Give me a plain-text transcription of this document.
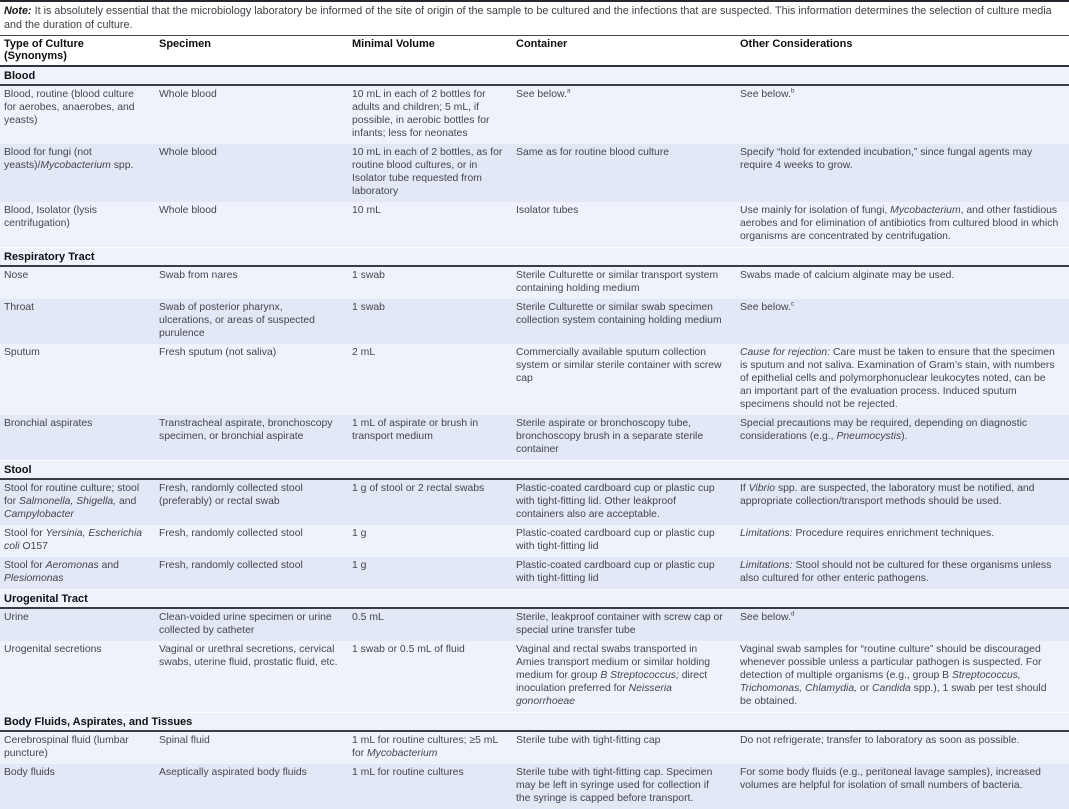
Note: It is absolutely essential that the microbiology laboratory be informed of the site of origin of the sample to be cultured and the infections that are suspected. This information determines the selection of culture media and the duration of culture.
Type of Culture (Synonyms)	Specimen	Minimal Volume	Container	Other Considerations
Blood				
Blood, routine (blood culture for aerobes, anaerobes, and yeasts)	Whole blood	10 mL in each of 2 bottles for adults and children; 5 mL, if possible, in aerobic bottles for infants; less for neonates	See below.$^a$	See below.$^b$
Blood for fungi (not yeasts)/Mycobacterium spp.	Whole blood	10 mL in each of 2 bottles, as for routine blood cultures, or in Isolator tube requested from laboratory	Same as for routine blood culture	Specify “hold for extended incubation,” since fungal agents may require 4 weeks to grow.
Blood, Isolator (lysis centrifugation)	Whole blood	10 mL	Isolator tubes	Use mainly for isolation of fungi, Mycobacterium, and other fastidious aerobes and for elimination of antibiotics from cultured blood in which organisms are concentrated by centrifugation.
Respiratory Tract				
Nose	Swab from nares	1 swab	Sterile Culturette or similar transport system containing holding medium	Swabs made of calcium alginate may be used.
Throat	Swab of posterior pharynx, ulcerations, or areas of suspected purulence	1 swab	Sterile Culturette or similar swab specimen collection system containing holding medium	See below.$^c$
Sputum	Fresh sputum (not saliva)	2 mL	Commercially available sputum collection system or similar sterile container with screw cap	Cause for rejection: Care must be taken to ensure that the specimen is sputum and not saliva. Examination of Gram’s stain, with numbers of epithelial cells and polymorphonuclear leukocytes noted, can be an important part of the evaluation process. Induced sputum specimens should not be rejected.
Bronchial aspirates	Transtracheal aspirate, bronchoscopy specimen, or bronchial aspirate	1 mL of aspirate or brush in transport medium	Sterile aspirate or bronchoscopy tube, bronchoscopy brush in a separate sterile container	Special precautions may be required, depending on diagnostic considerations (e.g., Pneumocystis).
Stool				
Stool for routine culture; stool for Salmonella, Shigella, and Campylobacter	Fresh, randomly collected stool (preferably) or rectal swab	1 g of stool or 2 rectal swabs	Plastic-coated cardboard cup or plastic cup with tight-fitting lid. Other leakproof containers also are acceptable.	If Vibrio spp. are suspected, the laboratory must be notified, and appropriate collection/transport methods should be used.
Stool for Yersinia, Escherichia coli O157	Fresh, randomly collected stool	1 g	Plastic-coated cardboard cup or plastic cup with tight-fitting lid	Limitations: Procedure requires enrichment techniques.
Stool for Aeromonas and Plesiomonas	Fresh, randomly collected stool	1 g	Plastic-coated cardboard cup or plastic cup with tight-fitting lid	Limitations: Stool should not be cultured for these organisms unless also cultured for other enteric pathogens.
Urogenital Tract				
Urine	Clean-voided urine specimen or urine collected by catheter	0.5 mL	Sterile, leakproof container with screw cap or special urine transfer tube	See below.$^d$
Urogenital secretions	Vaginal or urethral secretions, cervical swabs, uterine fluid, prostatic fluid, etc.	1 swab or 0.5 mL of fluid	Vaginal and rectal swabs transported in Amies transport medium or similar holding medium for group B Streptococcus; direct inoculation preferred for Neisseria gonorrhoeae	Vaginal swab samples for “routine culture” should be discouraged whenever possible unless a particular pathogen is suspected. For detection of multiple organisms (e.g., group B Streptococcus, Trichomonas, Chlamydia, or Candida spp.), 1 swab per test should be obtained.
Body Fluids, Aspirates, and Tissues				
Cerebrospinal fluid (lumbar puncture)	Spinal fluid	1 mL for routine cultures; ≥5 mL for Mycobacterium	Sterile tube with tight-fitting cap	Do not refrigerate; transfer to laboratory as soon as possible.
Body fluids	Aseptically aspirated body fluids	1 mL for routine cultures	Sterile tube with tight-fitting cap. Specimen may be left in syringe used for collection if the syringe is capped before transport.	For some body fluids (e.g., peritoneal lavage samples), increased volumes are helpful for isolation of small numbers of bacteria.
